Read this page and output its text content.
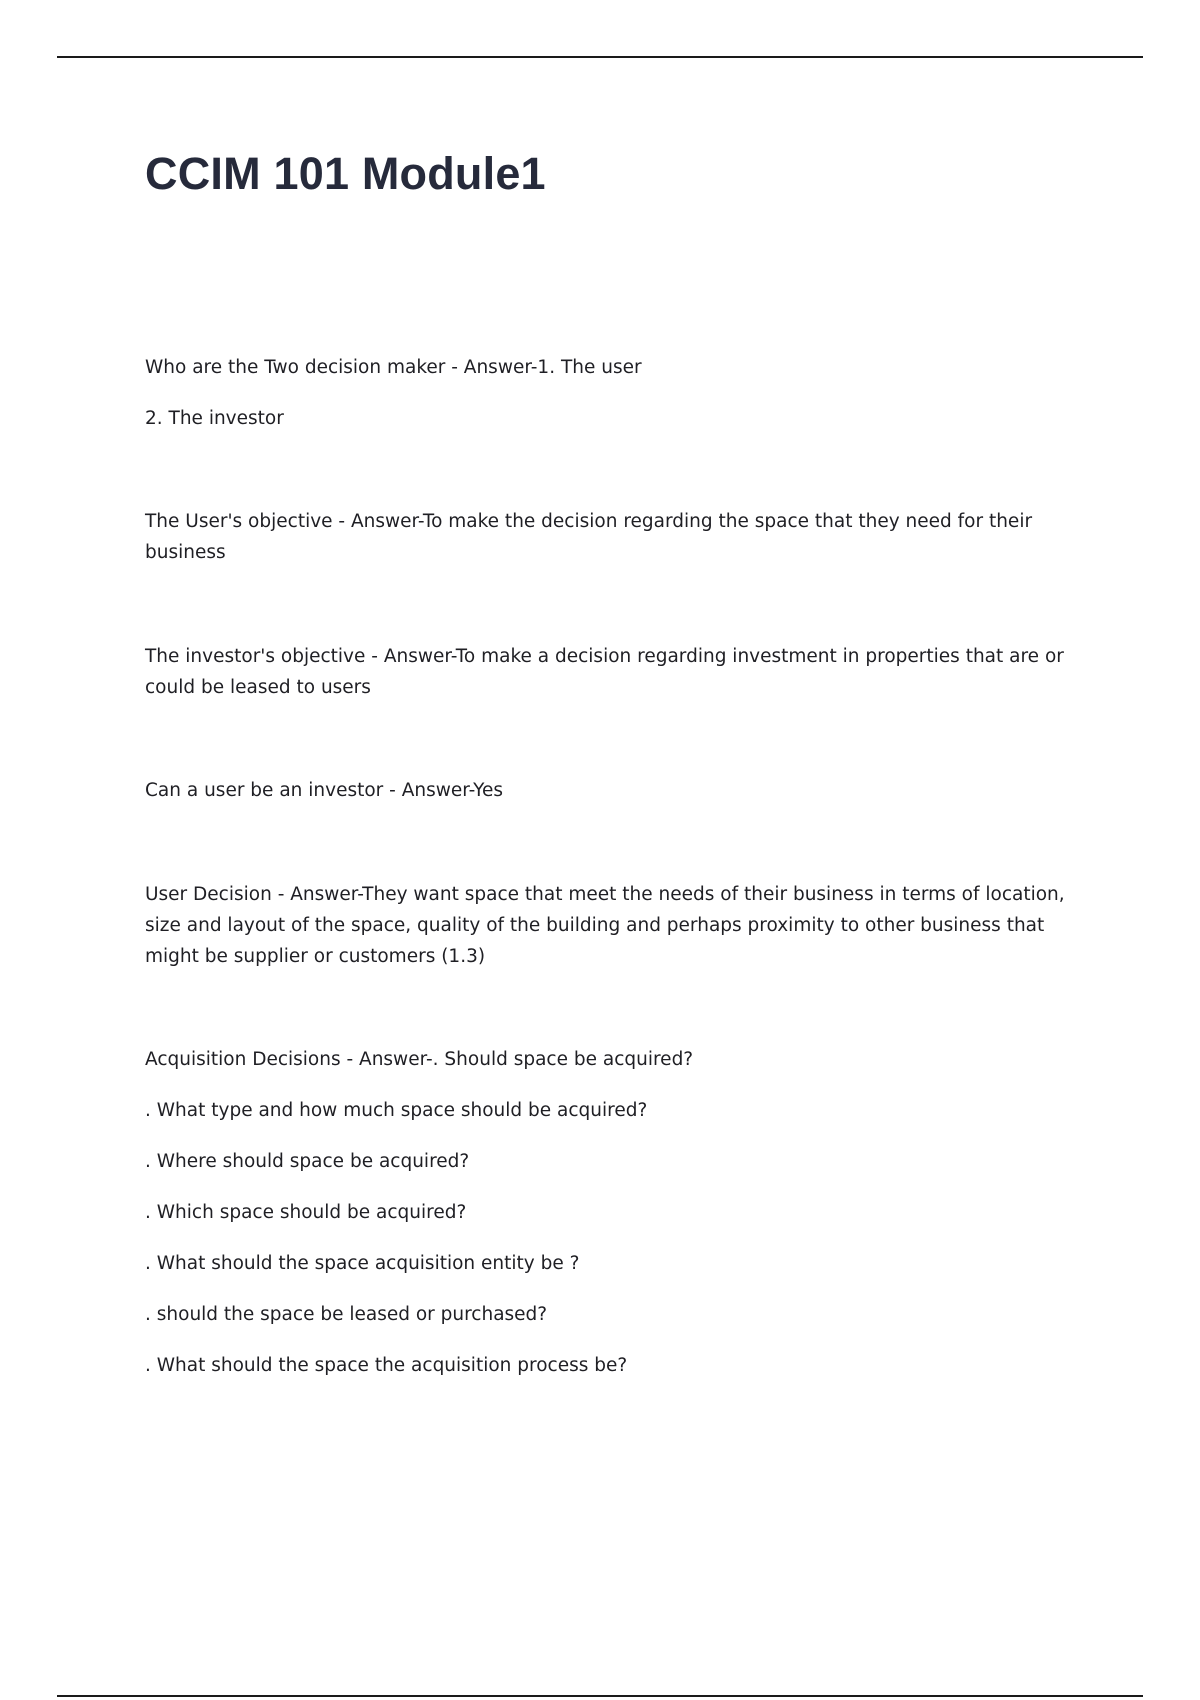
CCIM 101 Module1

Who are the Two decision maker - Answer-1. The user

2. The investor

The User's objective - Answer-To make the decision regarding the space that they need for their business

The investor's objective - Answer-To make a decision regarding investment in properties that are or could be leased to users

Can a user be an investor - Answer-Yes

User Decision - Answer-They want space that meet the needs of their business in terms of location, size and layout of the space, quality of the building and perhaps proximity to other business that might be supplier or customers (1.3)

Acquisition Decisions - Answer-. Should space be acquired?

. What type and how much space should be acquired?

. Where should space be acquired?

. Which space should be acquired?

. What should the space acquisition entity be ?

. should the space be leased or purchased?

. What should the space the acquisition process be?
